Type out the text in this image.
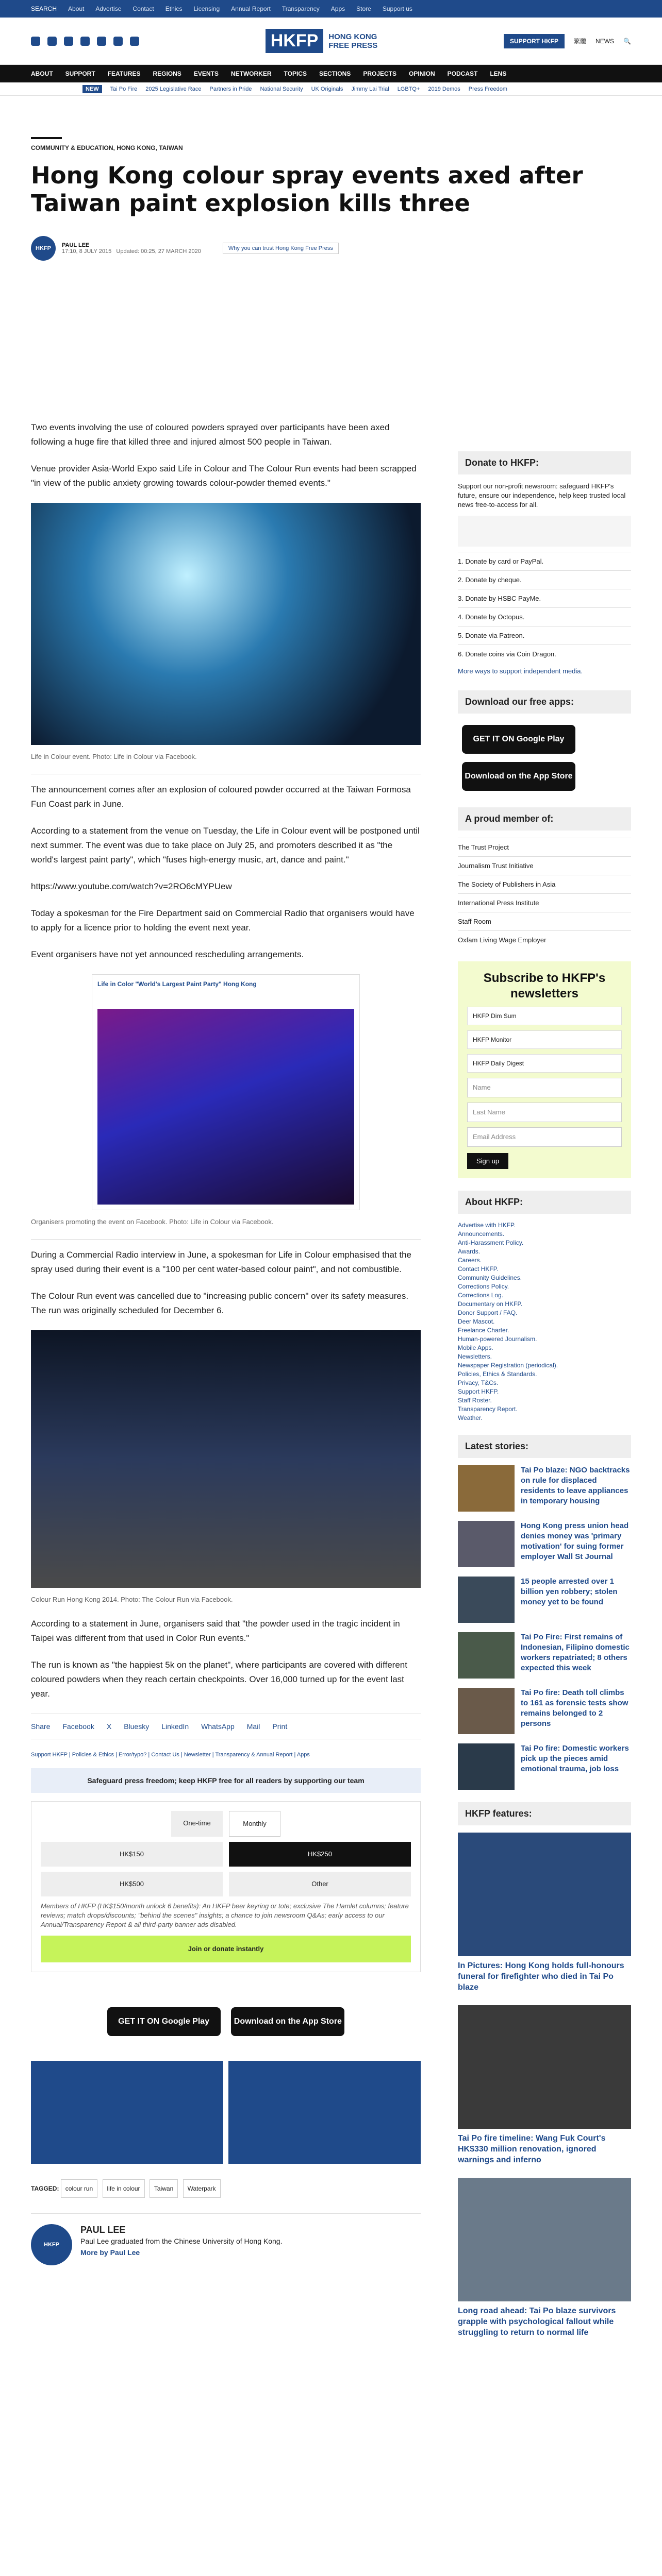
SEARCH About Advertise Contact Ethics Licensing Annual Report Transparency Apps Store Support us
HKFP	HONG KONG
FREE PRESS	SUPPORT HKFP	繁體 NEWS 🔍
ABOUT SUPPORT FEATURES REGIONS EVENTS NETWORKER TOPICS SECTIONS PROJECTS OPINION PODCAST LENS
NEW	Tai Po Fire 2025 Legislative Race Partners in Pride National Security UK Originals Jimmy Lai Trial LGBTQ+ 2019 Demos Press Freedom
COMMUNITY & EDUCATION, HONG KONG, TAIWAN
Hong Kong colour spray events axed after Taiwan paint explosion kills three
HKFP	PAUL LEE
17:10, 8 JULY 2015 Updated: 00:25, 27 MARCH 2020	Why you can trust Hong Kong Free Press

Two events involving the use of coloured powders sprayed over participants have been axed following a huge fire that killed three and injured almost 500 people in Taiwan.

Venue provider Asia-World Expo said Life in Colour and The Colour Run events had been scrapped "in view of the public anxiety growing towards colour-powder themed events."

Life in Colour event. Photo: Life in Colour via Facebook.

The announcement comes after an explosion of coloured powder occurred at the Taiwan Formosa Fun Coast park in June.

According to a statement from the venue on Tuesday, the Life in Colour event will be postponed until next summer. The event was due to take place on July 25, and promoters described it as "the world's largest paint party", which "fuses high-energy music, art, dance and paint."

https://www.youtube.com/watch?v=2RO6cMYPUew

Today a spokesman for the Fire Department said on Commercial Radio that organisers would have to apply for a licence prior to holding the event next year.

Event organisers have not yet announced rescheduling arrangements.

Life in Color "World's Largest Paint Party" Hong Kong

Organisers promoting the event on Facebook. Photo: Life in Colour via Facebook.

During a Commercial Radio interview in June, a spokesman for Life in Colour emphasised that the spray used during their event is a "100 per cent water-based colour paint", and not combustible.

The Colour Run event was cancelled due to "increasing public concern" over its safety measures. The run was originally scheduled for December 6.

Colour Run Hong Kong 2014. Photo: The Colour Run via Facebook.

According to a statement in June, organisers said that "the powder used in the tragic incident in Taipei was different from that used in Color Run events."

The run is known as "the happiest 5k on the planet", where participants are covered with different coloured powders when they reach certain checkpoints. Over 16,000 turned up for the event last year.

Share Facebook X Bluesky LinkedIn WhatsApp Mail Print
Support HKFP | Policies & Ethics | Error/typo? | Contact Us | Newsletter | Transparency & Annual Report | Apps
Safeguard press freedom; keep HKFP free for all readers by supporting our team
One-time	Monthly
HK$150	HK$250
HK$500	Other
Members of HKFP (HK$150/month unlock 6 benefits): An HKFP beer keyring or tote; exclusive The Hamlet columns; feature reviews; match drops/discounts; "behind the scenes" insights; a chance to join newsroom Q&As; early access to our Annual/Transparency Report & all third-party banner ads disabled.
Join or donate instantly
GET IT ON Google Play	Download on the App Store
TAGGED: colour run life in colour Taiwan Waterpark
HKFP
PAUL LEE
Paul Lee graduated from the Chinese University of Hong Kong.
More by Paul Lee
Donate to HKFP:

Support our non-profit newsroom: safeguard HKFP's future, ensure our independence, help keep trusted local news free-to-access for all.

1. Donate by card or PayPal.
2. Donate by cheque.
3. Donate by HSBC PayMe.
4. Donate by Octopus.
5. Donate via Patreon.
6. Donate coins via Coin Dragon.
More ways to support independent media.
Download our free apps:
GET IT ON Google Play Download on the App Store
A proud member of:
The Trust Project
Journalism Trust Initiative
The Society of Publishers in Asia
International Press Institute
Staff Room
Oxfam Living Wage Employer
Subscribe to HKFP's newsletters
HKFP Dim Sum
HKFP Monitor
HKFP Daily Digest
Name
Last Name
Email Address
Sign up
About HKFP:
Advertise with HKFP.
Announcements.
Anti-Harassment Policy.
Awards.
Careers.
Contact HKFP.
Community Guidelines.
Corrections Policy.
Corrections Log.
Documentary on HKFP.
Donor Support / FAQ.
Deer Mascot.
Freelance Charter.
Human-powered Journalism.
Mobile Apps.
Newsletters.
Newspaper Registration (periodical).
Policies, Ethics & Standards.
Privacy, T&Cs.
Support HKFP.
Staff Roster.
Transparency Report.
Weather.
Latest stories:
Tai Po blaze: NGO backtracks on rule for displaced residents to leave appliances in temporary housing
Hong Kong press union head denies money was 'primary motivation' for suing former employer Wall St Journal
15 people arrested over 1 billion yen robbery; stolen money yet to be found
Tai Po Fire: First remains of Indonesian, Filipino domestic workers repatriated; 8 others expected this week
Tai Po fire: Death toll climbs to 161 as forensic tests show remains belonged to 2 persons
Tai Po fire: Domestic workers pick up the pieces amid emotional trauma, job loss
HKFP features:
In Pictures: Hong Kong holds full-honours funeral for firefighter who died in Tai Po blaze
Tai Po fire timeline: Wang Fuk Court's HK$330 million renovation, ignored warnings and inferno
Long road ahead: Tai Po blaze survivors grapple with psychological fallout while struggling to return to normal life
